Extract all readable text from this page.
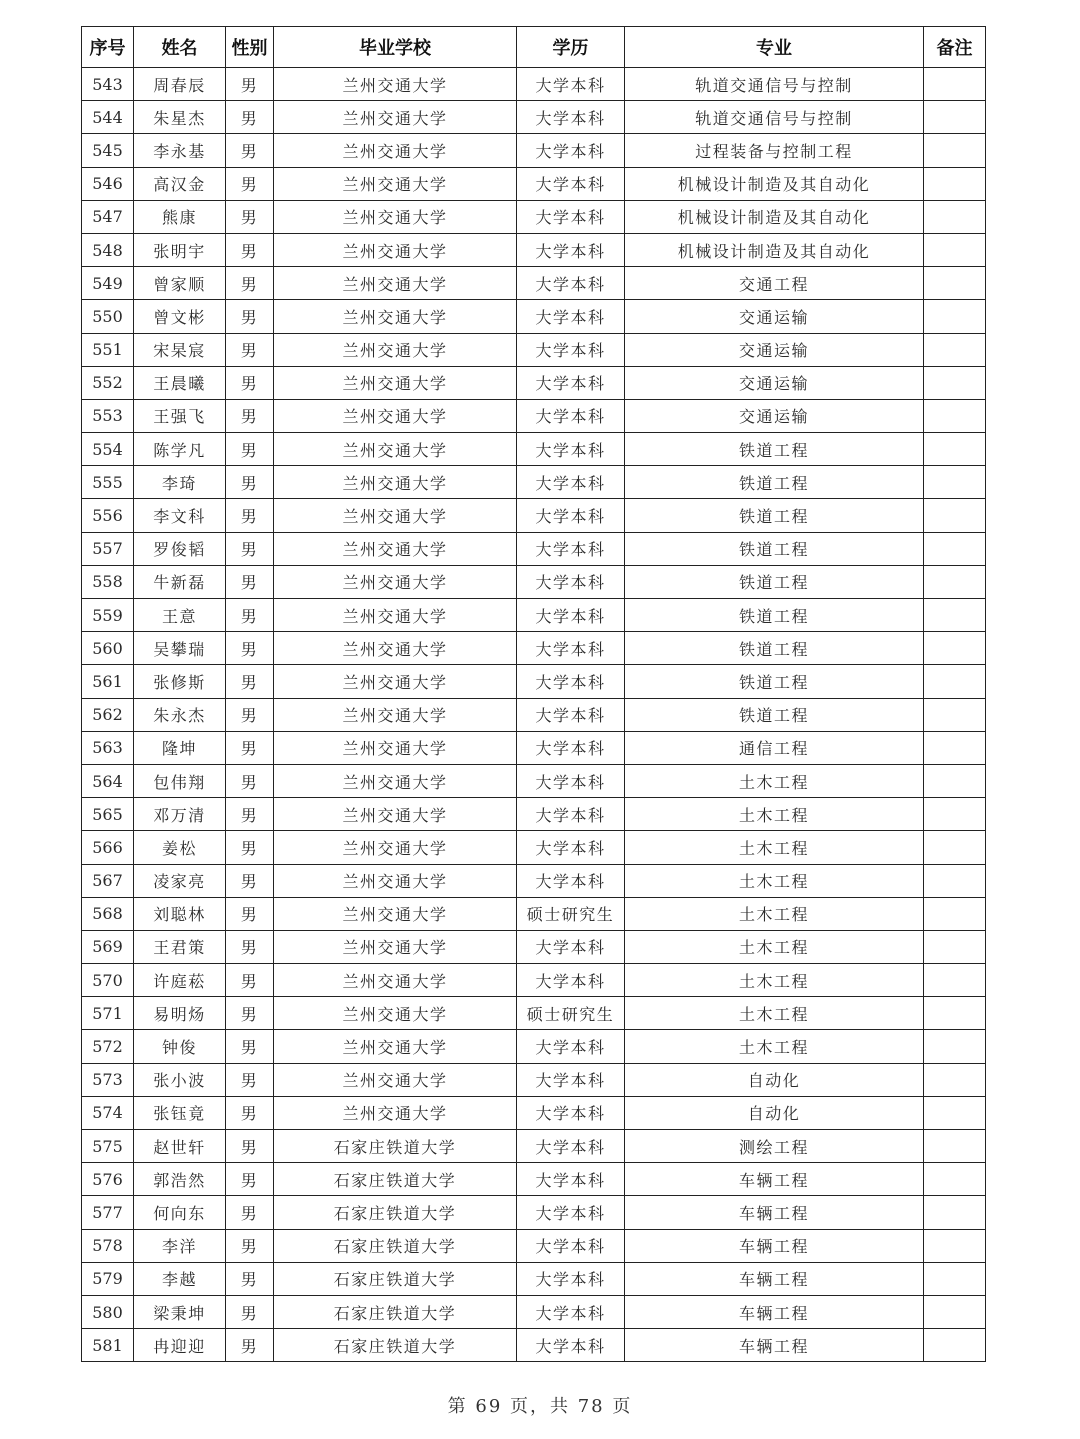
序号	姓名	性别	毕业学校	学历	专业	备注
543	周春辰	男	兰州交通大学	大学本科	轨道交通信号与控制	
544	朱星杰	男	兰州交通大学	大学本科	轨道交通信号与控制	
545	李永基	男	兰州交通大学	大学本科	过程装备与控制工程	
546	高汉金	男	兰州交通大学	大学本科	机械设计制造及其自动化	
547	熊康	男	兰州交通大学	大学本科	机械设计制造及其自动化	
548	张明宇	男	兰州交通大学	大学本科	机械设计制造及其自动化	
549	曾家顺	男	兰州交通大学	大学本科	交通工程	
550	曾文彬	男	兰州交通大学	大学本科	交通运输	
551	宋杲宸	男	兰州交通大学	大学本科	交通运输	
552	王晨曦	男	兰州交通大学	大学本科	交通运输	
553	王强飞	男	兰州交通大学	大学本科	交通运输	
554	陈学凡	男	兰州交通大学	大学本科	铁道工程	
555	李琦	男	兰州交通大学	大学本科	铁道工程	
556	李文科	男	兰州交通大学	大学本科	铁道工程	
557	罗俊韬	男	兰州交通大学	大学本科	铁道工程	
558	牛新磊	男	兰州交通大学	大学本科	铁道工程	
559	王意	男	兰州交通大学	大学本科	铁道工程	
560	吴攀瑞	男	兰州交通大学	大学本科	铁道工程	
561	张修斯	男	兰州交通大学	大学本科	铁道工程	
562	朱永杰	男	兰州交通大学	大学本科	铁道工程	
563	隆坤	男	兰州交通大学	大学本科	通信工程	
564	包伟翔	男	兰州交通大学	大学本科	土木工程	
565	邓万清	男	兰州交通大学	大学本科	土木工程	
566	姜松	男	兰州交通大学	大学本科	土木工程	
567	凌家亮	男	兰州交通大学	大学本科	土木工程	
568	刘聪林	男	兰州交通大学	硕士研究生	土木工程	
569	王君策	男	兰州交通大学	大学本科	土木工程	
570	许庭菘	男	兰州交通大学	大学本科	土木工程	
571	易明炀	男	兰州交通大学	硕士研究生	土木工程	
572	钟俊	男	兰州交通大学	大学本科	土木工程	
573	张小波	男	兰州交通大学	大学本科	自动化	
574	张钰竟	男	兰州交通大学	大学本科	自动化	
575	赵世轩	男	石家庄铁道大学	大学本科	测绘工程	
576	郭浩然	男	石家庄铁道大学	大学本科	车辆工程	
577	何向东	男	石家庄铁道大学	大学本科	车辆工程	
578	李洋	男	石家庄铁道大学	大学本科	车辆工程	
579	李越	男	石家庄铁道大学	大学本科	车辆工程	
580	梁秉坤	男	石家庄铁道大学	大学本科	车辆工程	
581	冉迎迎	男	石家庄铁道大学	大学本科	车辆工程	
第 69 页，共 78 页
